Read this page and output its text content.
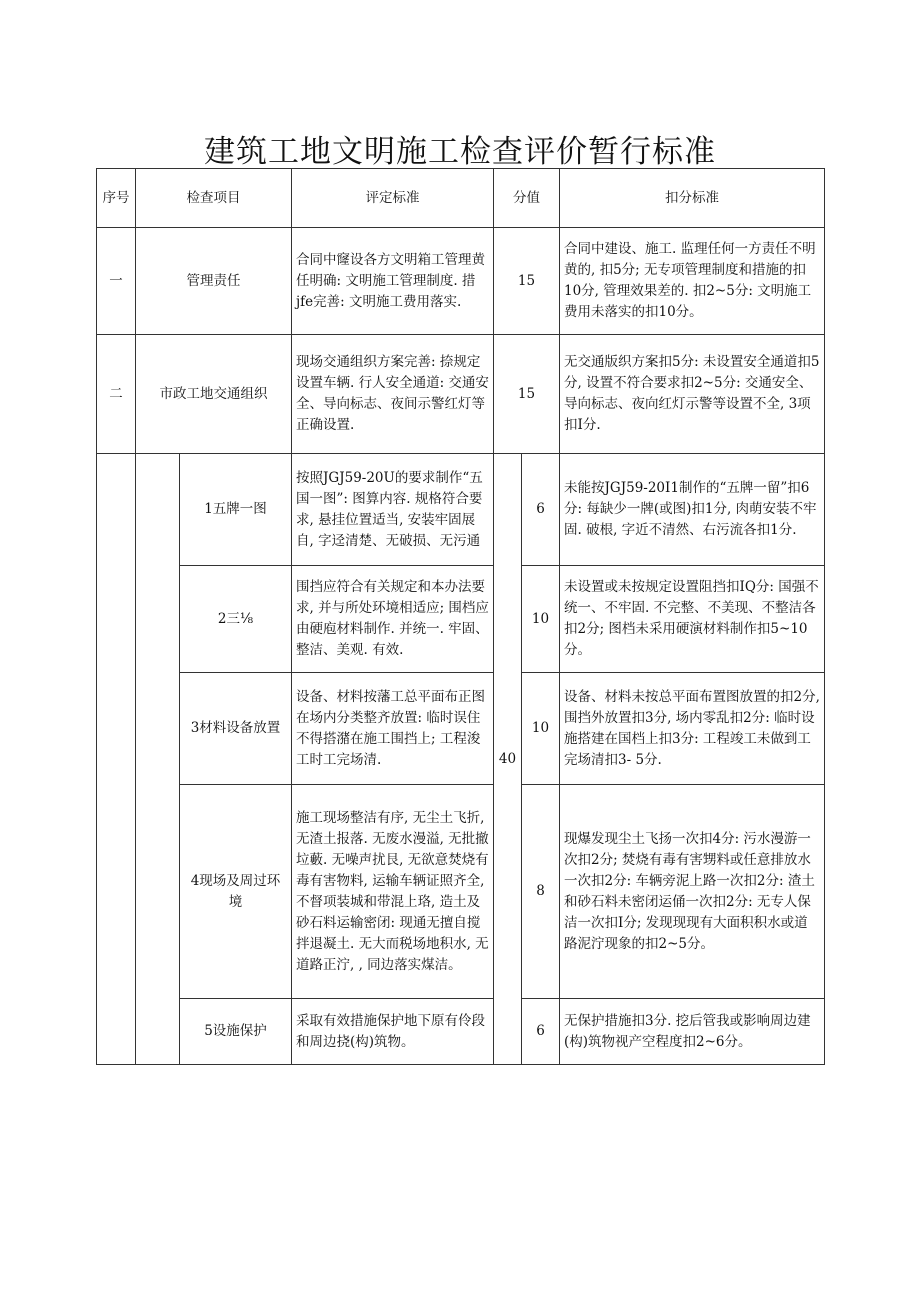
建筑工地文明施工检查评价暂行标准
序号	检查项目		评定标准	分值		扣分标准
一	管理责任		合同中窿设各方文明箱工管理黄任明确: 文明施工管理制度. 措jfe完善: 文明施工费用落实.	15		合同中建设、施工. 监理任何一方责任不明黄的, 扣5分; 无专项管理制度和措施的扣10分, 管理效果差的. 扣2~5分: 文明施工费用未落实的扣10分。
二	市政工地交通组织		现场交通组织方案完善: 捺规定设置车辆. 行人安全通道: 交通安全、导向标志、夜间示警红灯等正确设置.	15		无交通版织方案扣5分: 未设置安全通道扣5分, 设置不符合要求扣2~5分: 交通安全、导向标志、夜向红灯示警等设置不全, 3项扣I分.
		1五牌一图	按照JGJ59-20U的要求制作“五国一图”: 图算内容. 规格符合要求, 悬挂位置适当, 安装牢固展自, 字迳清楚、无破损、无污通	40	6	未能按JGJ59-20I1制作的“五牌一留”扣6分: 每缺少一牌(或图)扣1分, 肉萌安装不牢固. 破根, 字近不清然、右污流各扣1分.
		2三⅛	围挡应符合有关规定和本办法要求, 并与所处环境相适应; 围档应由硬庖材料制作. 并统一. 牢固、整洁、美观. 有效.		10	未设置或未按规定设置阻挡扣IQ分: 国强不统一、不牢固. 不完整、不美现、不整洁各扣2分; 图档未采用硬演材料制作扣5~10分。
		3材料设备放置	设备、材料按藩工总平面布正图在场内分类整齐放置: 临时误住不得搭潴在施工围挡上; 工程浚工时工完场清.		10	设备、材料未按总平面布置图放置的扣2分, 围挡外放置扣3分, 场内零乱扣2分: 临时设施搭建在国档上扣3分: 工程竣工未做到工完场清扣3- 5分.
		4现场及周过环境	施工现场整洁有序, 无尘土飞折, 无渣土报落. 无废水漫溢, 无批撤垃藪. 无噪声扰艮, 无欲意焚烧有毒有害物料, 运输车辆证照齐全, 不督项装城和带混上珞, 造土及砂石料运输密闭: 现通无擅自搅拌退凝土. 无大而税场地积水, 无道路正泞, , 同边落实煤洁。		8	现爆发现尘土飞扬一次扣4分: 污水漫游一次扣2分; 焚烧有毒有害甥料或任意排放水一次扣2分: 车辆旁泥上路一次扣2分: 渣土和砂石料未密闭运俑一次扣2分: 无专人保洁一次扣I分; 发现现现有大面积积水或道路泥泞现象的扣2~5分。
		5设施保护	采取有效措施保护地下原有伶段和周边挠(构)筑物。		6	无保护措施扣3分. 挖后管我或影响周边建(构)筑物视产空程度扣2~6分。
